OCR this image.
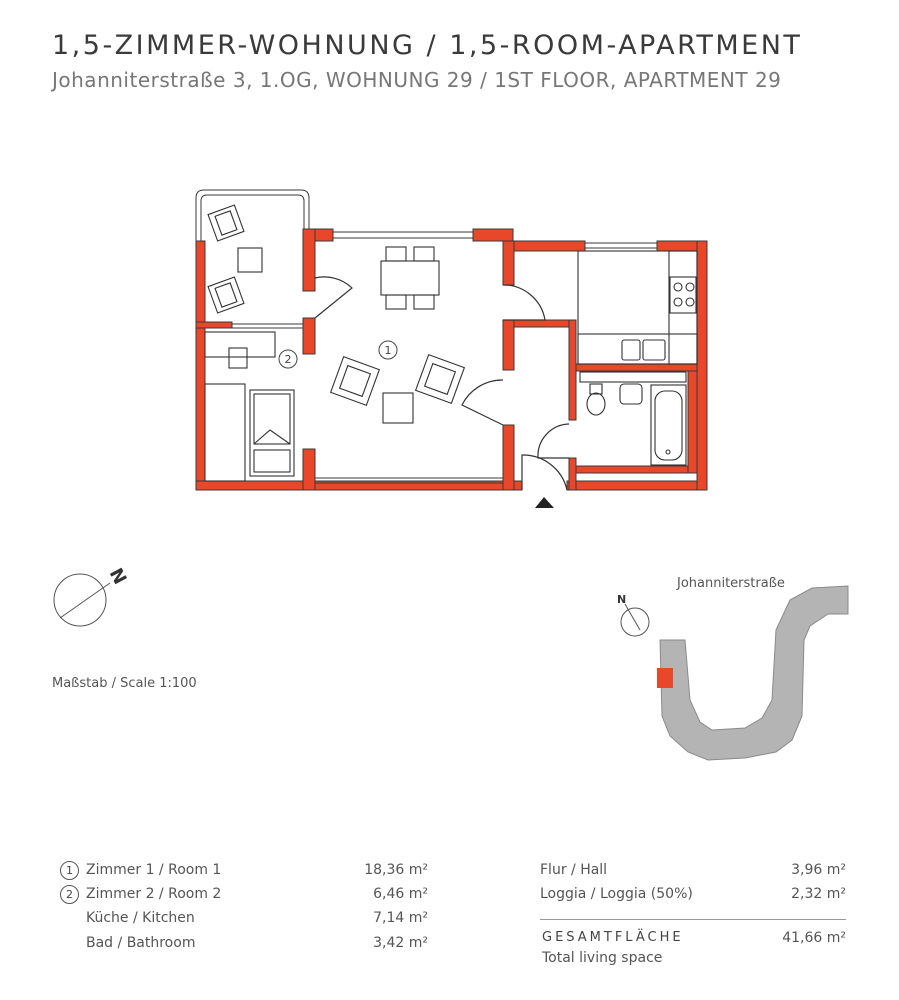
1,5-ZIMMER-WOHNUNG / 1,5-ROOM-APARTMENT
Johanniterstraße 3, 1.OG, WOHNUNG 29 / 1ST FLOOR, APARTMENT 29
1
2
N
N
Johanniterstraße
Maßstab / Scale 1:100
1 Zimmer 1 / Room 1	18,36 m²
2 Zimmer 2 / Room 2	6,46 m²
Küche / Kitchen	7,14 m²
Bad / Bathroom	3,42 m²
Flur / Hall	3,96 m²
Loggia / Loggia (50%)	2,32 m²
GESAMTFLÄCHE	41,66 m²
Total living space
